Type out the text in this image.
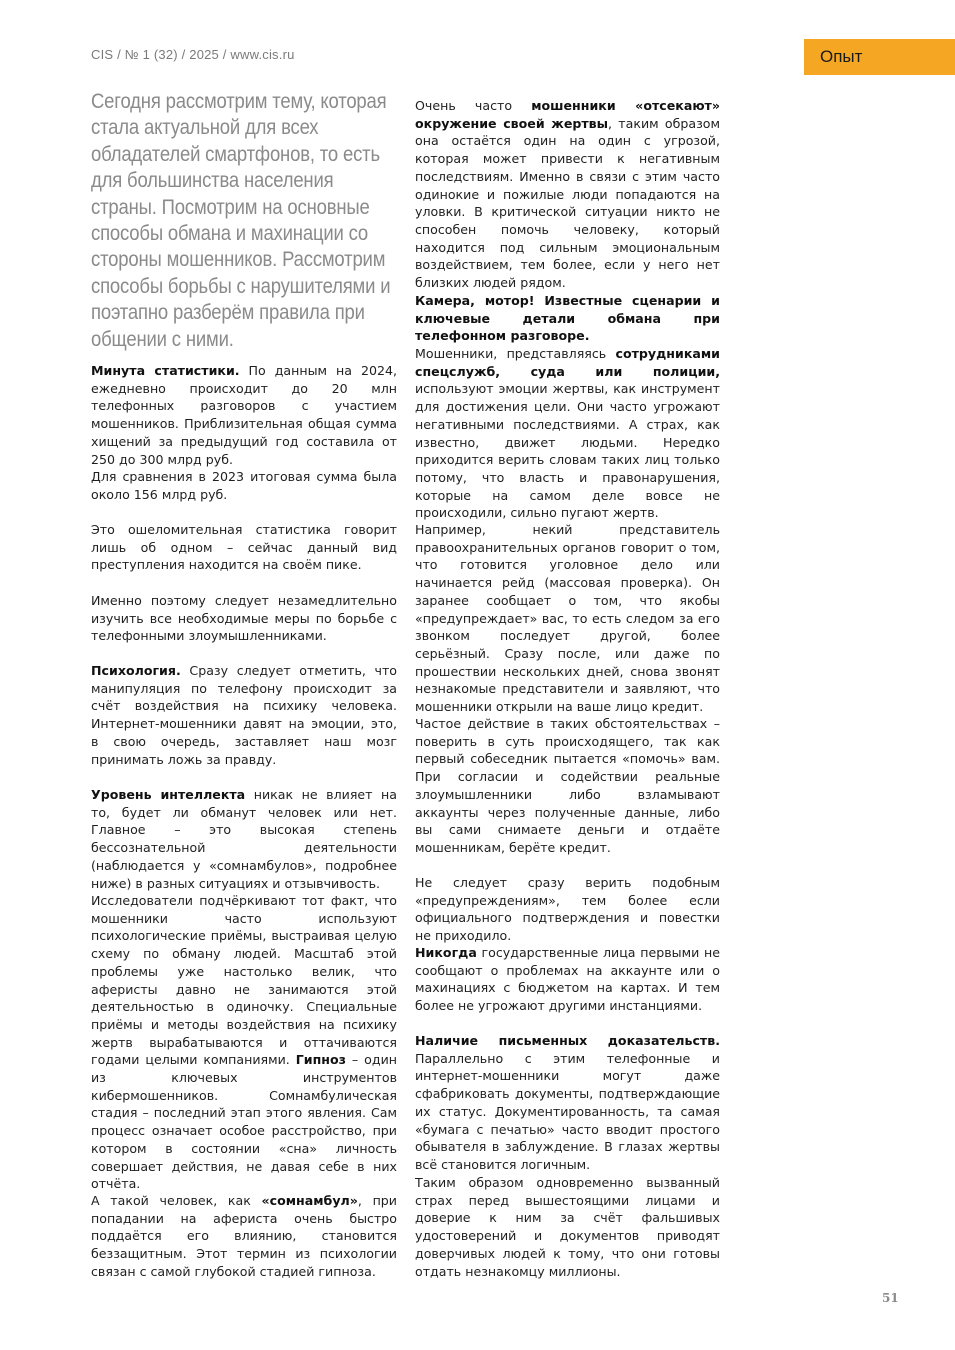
CIS / № 1 (32) / 2025 / www.cis.ru	Опыт

Сегодня рассмотрим тему, которая стала актуальной для всех обладателей смартфонов, то есть для большинства населения страны. Посмотрим на основные способы обмана и махинации со стороны мошенников. Рассмотрим способы борьбы с нарушителями и поэтапно разберём правила при общении с ними.

Минута статистики. По данным на 2024, ежедневно происходит до 20 млн телефонных разговоров с участием мошенников. Приблизительная общая сумма хищений за предыдущий год составила от 250 до 300 млрд руб.

Для сравнения в 2023 итоговая сумма была около 156 млрд руб.

Это ошеломительная статистика говорит лишь об одном – сейчас данный вид преступления находится на своём пике.

Именно поэтому следует незамедлительно изучить все необходимые меры по борьбе с телефонными злоумышленниками.

Психология. Сразу следует отметить, что манипуляция по телефону происходит за счёт воздействия на психику человека. Интернет-мошенники давят на эмоции, это, в свою очередь, заставляет наш мозг принимать ложь за правду.

Уровень интеллекта никак не влияет на то, будет ли обманут человек или нет. Главное – это высокая степень бессознательной деятельности (наблюдается у «сомнамбулов», подробнее ниже) в разных ситуациях и отзывчивость.

Исследователи подчёркивают тот факт, что мошенники часто используют психологические приёмы, выстраивая целую схему по обману людей. Масштаб этой проблемы уже настолько велик, что аферисты давно не занимаются этой деятельностью в одиночку. Специальные приёмы и методы воздействия на психику жертв вырабатываются и оттачиваются годами целыми компаниями. Гипноз – один из ключевых инструментов кибермошенников. Сомнамбулическая стадия – последний этап этого явления. Сам процесс означает особое расстройство, при котором в состоянии «сна» личность совершает действия, не давая себе в них отчёта.

А такой человек, как «сомнамбул», при попадании на афериста очень быстро поддаётся его влиянию, становится беззащитным. Этот термин из психологии связан с самой глубокой стадией гипноза.

Очень часто мошенники «отсекают» окружение своей жертвы, таким образом она остаётся один на один с угрозой, которая может привести к негативным последствиям. Именно в связи с этим часто одинокие и пожилые люди попадаются на уловки. В критической ситуации никто не способен помочь человеку, который находится под сильным эмоциональным воздействием, тем более, если у него нет близких людей рядом.

Камера, мотор! Известные сценарии и ключевые детали обмана при телефонном разговоре.

Мошенники, представляясь сотрудниками спецслужб, суда или полиции, используют эмоции жертвы, как инструмент для достижения цели. Они часто угрожают негативными последствиями. А страх, как известно, движет людьми. Нередко приходится верить словам таких лиц только потому, что власть и правонарушения, которые на самом деле вовсе не происходили, сильно пугают жертв.

Например, некий представитель правоохранительных органов говорит о том, что готовится уголовное дело или начинается рейд (массовая проверка). Он заранее сообщает о том, что якобы «предупреждает» вас, то есть следом за его звонком последует другой, более серьёзный. Сразу после, или даже по прошествии нескольких дней, снова звонят незнакомые представители и заявляют, что мошенники открыли на ваше лицо кредит.

Частое действие в таких обстоятельствах – поверить в суть происходящего, так как первый собеседник пытается «помочь» вам. При согласии и содействии реальные злоумышленники либо взламывают аккаунты через полученные данные, либо вы сами снимаете деньги и отдаёте мошенникам, берёте кредит.

Не следует сразу верить подобным «предупреждениям», тем более если официального подтверждения и повестки не приходило.

Никогда государственные лица первыми не сообщают о проблемах на аккаунте или о махинациях с бюджетом на картах. И тем более не угрожают другими инстанциями.

Наличие письменных доказательств. Параллельно с этим телефонные и интернет-мошенники могут даже сфабриковать документы, подтверждающие их статус. Документированность, та самая «бумага с печатью» часто вводит простого обывателя в заблуждение. В глазах жертвы всё становится логичным.

Таким образом одновременно вызванный страх перед вышестоящими лицами и доверие к ним за счёт фальшивых удостоверений и документов приводят доверчивых людей к тому, что они готовы отдать незнакомцу миллионы.

51
